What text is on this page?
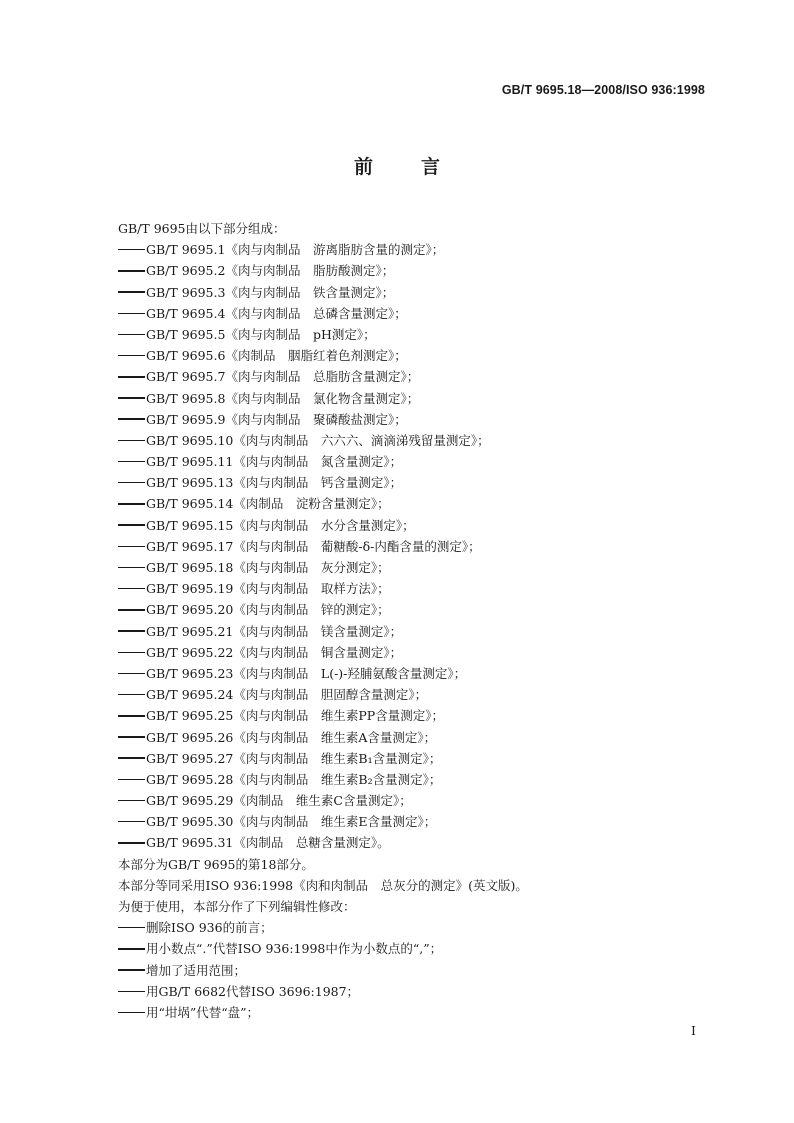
GB/T 9695.18—2008/ISO 936:1998
前言
GB/T 9695由以下部分组成：
GB/T 9695.1《肉与肉制品　游离脂肪含量的测定》；
GB/T 9695.2《肉与肉制品　脂肪酸测定》；
GB/T 9695.3《肉与肉制品　铁含量测定》；
GB/T 9695.4《肉与肉制品　总磷含量测定》；
GB/T 9695.5《肉与肉制品　pH测定》；
GB/T 9695.6《肉制品　胭脂红着色剂测定》；
GB/T 9695.7《肉与肉制品　总脂肪含量测定》；
GB/T 9695.8《肉与肉制品　氯化物含量测定》；
GB/T 9695.9《肉与肉制品　聚磷酸盐测定》；
GB/T 9695.10《肉与肉制品　六六六、滴滴涕残留量测定》；
GB/T 9695.11《肉与肉制品　氮含量测定》；
GB/T 9695.13《肉与肉制品　钙含量测定》；
GB/T 9695.14《肉制品　淀粉含量测定》；
GB/T 9695.15《肉与肉制品　水分含量测定》；
GB/T 9695.17《肉与肉制品　葡糖酸-δ-内酯含量的测定》；
GB/T 9695.18《肉与肉制品　灰分测定》；
GB/T 9695.19《肉与肉制品　取样方法》；
GB/T 9695.20《肉与肉制品　锌的测定》；
GB/T 9695.21《肉与肉制品　镁含量测定》；
GB/T 9695.22《肉与肉制品　铜含量测定》；
GB/T 9695.23《肉与肉制品　L(-)-羟脯氨酸含量测定》；
GB/T 9695.24《肉与肉制品　胆固醇含量测定》；
GB/T 9695.25《肉与肉制品　维生素PP含量测定》；
GB/T 9695.26《肉与肉制品　维生素A含量测定》；
GB/T 9695.27《肉与肉制品　维生素B₁含量测定》；
GB/T 9695.28《肉与肉制品　维生素B₂含量测定》；
GB/T 9695.29《肉制品　维生素C含量测定》；
GB/T 9695.30《肉与肉制品　维生素E含量测定》；
GB/T 9695.31《肉制品　总糖含量测定》。
本部分为GB/T 9695的第18部分。
本部分等同采用ISO 936:1998《肉和肉制品　总灰分的测定》(英文版)。
为便于使用，本部分作了下列编辑性修改：
删除ISO 936的前言；
用小数点“.”代替ISO 936:1998中作为小数点的“,”；
增加了适用范围；
用GB/T 6682代替ISO 3696:1987；
用“坩埚”代替“盘”；
I
